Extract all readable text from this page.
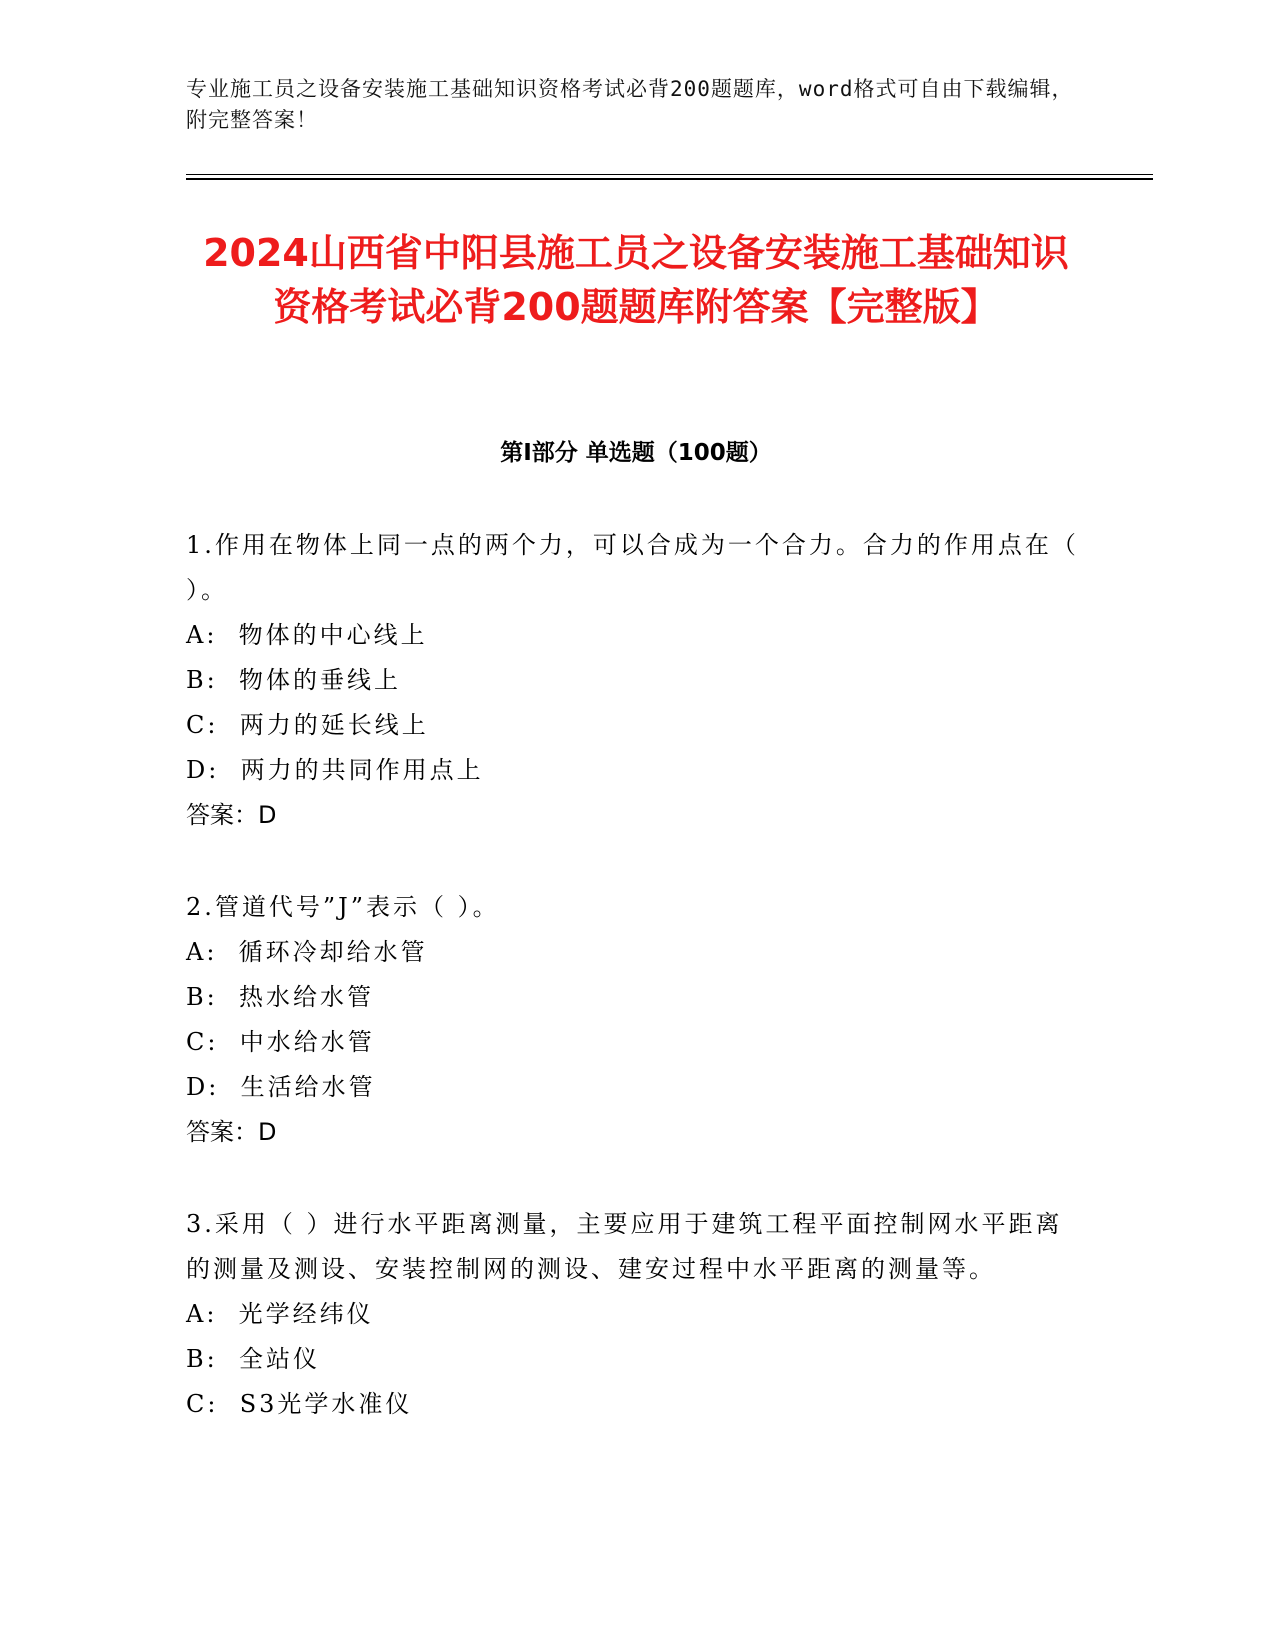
专业施工员之设备安装施工基础知识资格考试必背200题题库，word格式可自由下载编辑，附完整答案！
2024山西省中阳县施工员之设备安装施工基础知识资格考试必背200题题库附答案【完整版】
第I部分 单选题（100题）

1.作用在物体上同一点的两个力，可以合成为一个合力。合力的作用点在（ ）。

A:  物体的中心线上

B:  物体的垂线上

C:  两力的延长线上

D:  两力的共同作用点上

答案：D

2.管道代号”J”表示（ ）。

A:  循环冷却给水管

B:  热水给水管

C:  中水给水管

D:  生活给水管

答案：D

3.采用（ ）进行水平距离测量，主要应用于建筑工程平面控制网水平距离的测量及测设、安装控制网的测设、建安过程中水平距离的测量等。

A:  光学经纬仪

B:  全站仪

C:  S3光学水准仪
